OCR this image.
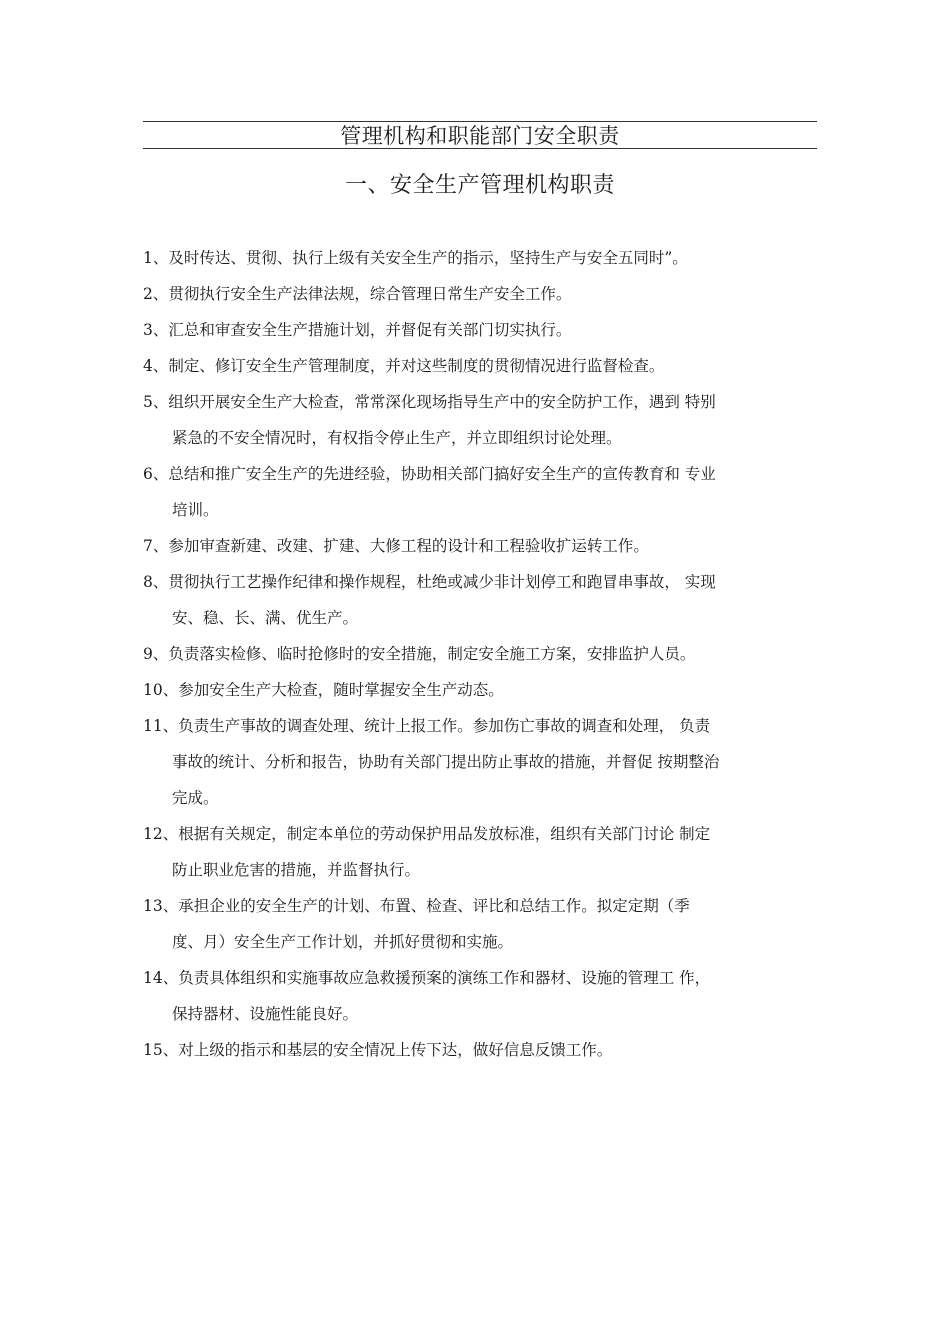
管理机构和职能部门安全职责
一、安全生产管理机构职责
1、及时传达、贯彻、执行上级有关安全生产的指示，坚持生产与安全五同时”。
2、贯彻执行安全生产法律法规，综合管理日常生产安全工作。
3、汇总和审查安全生产措施计划，并督促有关部门切实执行。
4、制定、修订安全生产管理制度，并对这些制度的贯彻情况进行监督检查。
5、组织开展安全生产大检查，常常深化现场指导生产中的安全防护工作，遇到 特别
紧急的不安全情况时，有权指令停止生产，并立即组织讨论处理。
6、总结和推广安全生产的先进经验，协助相关部门搞好安全生产的宣传教育和 专业
培训。
7、参加审查新建、改建、扩建、大修工程的设计和工程验收扩运转工作。
8、贯彻执行工艺操作纪律和操作规程，杜绝或减少非计划停工和跑冒串事故， 实现
安、稳、长、满、优生产。
9、负责落实检修、临时抢修时的安全措施，制定安全施工方案，安排监护人员。
10、参加安全生产大检查，随时掌握安全生产动态。
11、负责生产事故的调查处理、统计上报工作。参加伤亡事故的调查和处理， 负责
事故的统计、分析和报告，协助有关部门提出防止事故的措施，并督促 按期整治
完成。
12、根据有关规定，制定本单位的劳动保护用品发放标准，组织有关部门讨论 制定
防止职业危害的措施，并监督执行。
13、承担企业的安全生产的计划、布置、检查、评比和总结工作。拟定定期（季
度、月）安全生产工作计划，并抓好贯彻和实施。
14、负责具体组织和实施事故应急救援预案的演练工作和器材、设施的管理工 作，
保持器材、设施性能良好。
15、对上级的指示和基层的安全情况上传下达，做好信息反馈工作。
